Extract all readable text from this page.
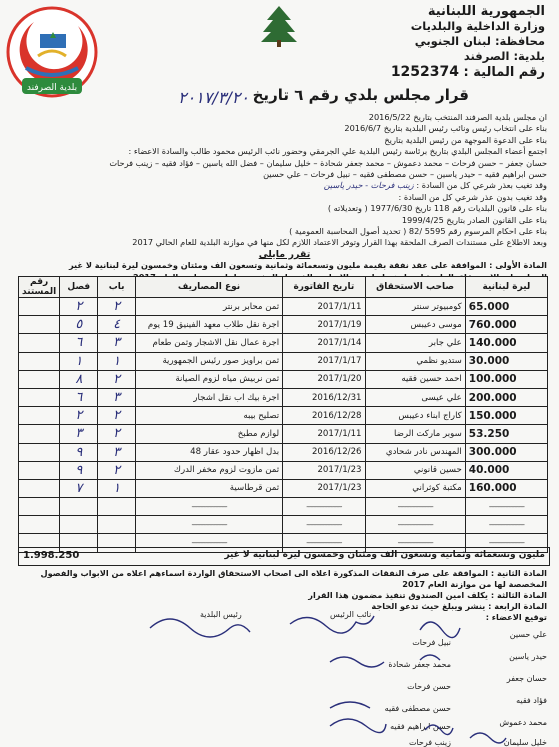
بلدية الصرفند
الجمهورية اللبنانية
وزارة الداخلية والبلديات
محافظة: لبنان الجنوبي
بلدية: الصرفند
رقم المالية : 1252374
قرار مجلس بلدي رقم ٦ تاريخ
٢٠١٧/٣/٢٠
ان مجلس بلدية الصرفند المنتخب بتاريخ 2016/5/22
بناء على انتخاب رئيس ونائب رئيس البلدية بتاريخ 2016/6/7
بناء على الدعوة الموجهة من رئيس البلدية بتاريخ
اجتمع أعضاء المجلس البلدي بتاريخ برئاسة رئيس البلدية علي الجرمقي وحضور نائب الرئيس محمود طالب والسادة الاعضاء :
حسان جعفر – حسن فرحات – محمد دعموش – محمد جعفر شحادة – خليل سليمان – فضل الله ياسين – فؤاد فقيه – زينب فرحات
حسن ابراهيم فقيه – حيدر ياسين – حسن مصطفى فقيه – نبيل فرحات – علي حسين
وقد تغيب بعذر شرعي كل من السادة : زينب فرحات - حيدر ياسين
وقد تغيب بدون عذر شرعي كل من السادة :
بناء على قانون البلديات رقم 118 تاريخ 1977/6/30 ( وتعديلاته )
بناء على القانون الصادر بتاريخ 1999/4/25
بناء على احكام المرسوم رقم 5595 /82 ( تحديد أصول المحاسبة العمومية )
وبعد الاطلاع على مستندات الصرف الملحقة بهذا القرار وتوفر الاعتماد اللازم لكل منها في موازنة البلدية للعام الحالي 2017
تقرر مايلي
المادة الأولى : الموافقة على عقد نفقة بقيمة مليون وتسعمائة وثمانية وتسعون الف ومئتان وخمسون ليرة لبنانية لا غير
ليرة لبنانية	صاحب الاستحقاق	تاريخ الفاتورة	نوع المصاريف	باب	فصل	رقم المستند
65.000	كومبيوتر سنتر	2017/1/11	ثمن محابر برنتر	٢	٢	
760.000	موسى دعيبس	2017/1/19	اجرة نقل طلاب معهد الفينيق 19 يوم	٤	٥	
140.000	علي جابر	2017/1/14	اجرة عمال نقل الاشجار وثمن طعام	٣	٦	
30.000	ستديو نظمي	2017/1/17	ثمن براويز صور رئيس الجمهورية	١	١	
100.000	احمد حسين فقيه	2017/1/20	ثمن نربيش مياه لزوم الصيانة	٢	٨	
200.000	علي عيسى	2016/12/31	اجرة بيك اب نقل اشجار	٣	٦	
150.000	كاراج ابناء دعيبس	2016/12/28	تصليح بيبه	٢	٢	
53.250	سوبر ماركت الرضا	2017/1/11	لوازم مطبخ	٢	٣	
300.000	المهندس نادر شحادي	2016/12/26	بدل اظهار حدود عقار 48	٣	٩	
40.000	حسين قانوني	2017/1/23	ثمن مازوت لزوم مخفر الدرك	٢	٩	
160.000	مكتبة كوثراني	2017/1/23	ثمن قرطاسية	١	٧	
-----------------------	-----------------------	-----------------------	-----------------------			
-----------------------	-----------------------	-----------------------	-----------------------			
-----------------------	-----------------------	-----------------------	-----------------------			
مليون وتسعمائة وثمانية وتسعون الف ومئتان وخمسون ليرة لبنانية لا غير
1.998.250
المادة الثانية : الموافقة على صرف النفقات المذكورة اعلاه الى اصحاب الاستحقاق الواردة اسماءهم اعلاه من الابواب والفصول
المخصصة لها من موازنة العام 2017
المادة الثالثة : يكلف امين الصندوق تنفيذ مضمون هذا القرار
المادة الرابعة : ينشر ويبلغ حيث تدعو الحاجة
توقيع الاعضاء :
رئيس البلدية	نائب الرئيس
علي حسين
نبيل فرحات
حيدر ياسين
محمد جعفر شحادة
حسان جعفر
حسن فرحات
فؤاد فقيه
حسن مصطفى فقيه
محمد دعموش
حسن ابراهيم فقيه
خليل سليمان
زينب فرحات
